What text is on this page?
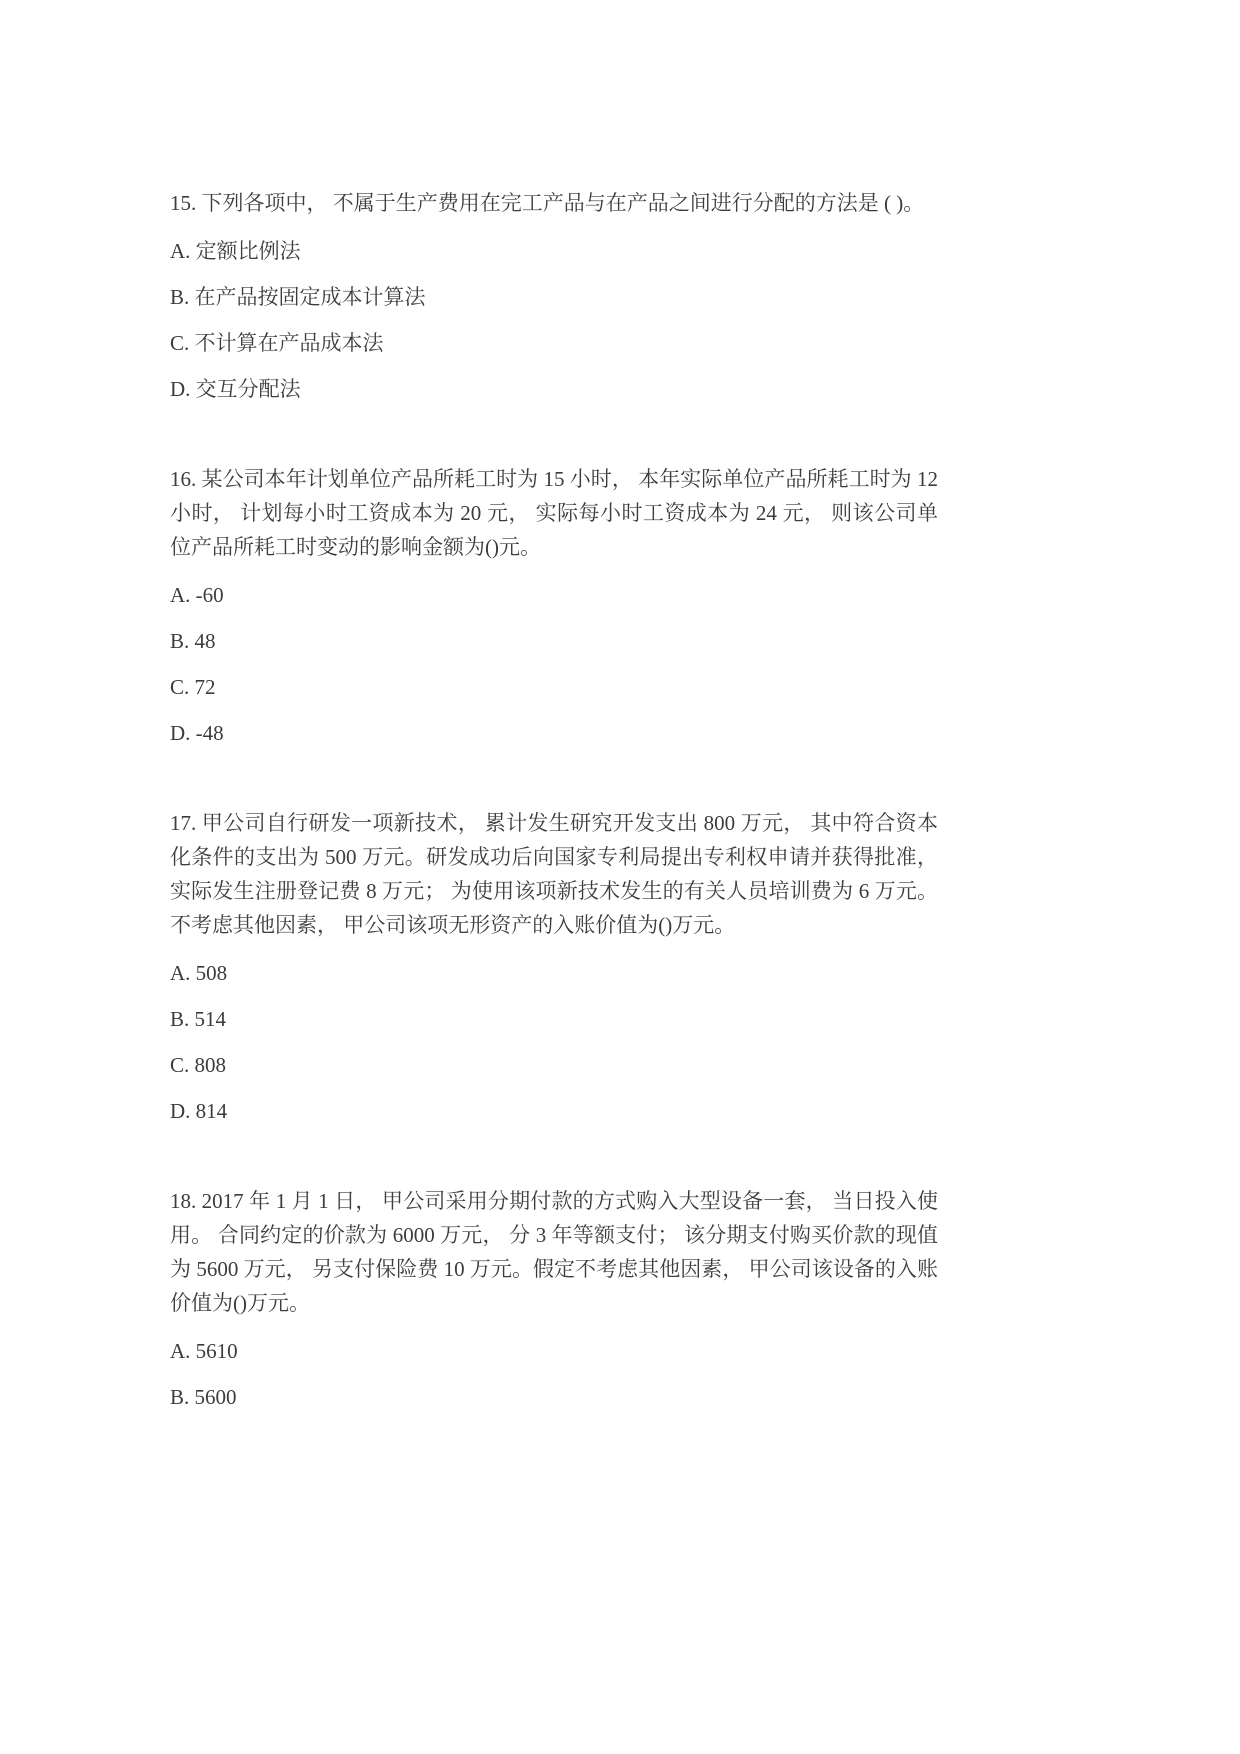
15. 下列各项中， 不属于生产费用在完工产品与在产品之间进行分配的方法是 ( )。

A. 定额比例法
B. 在产品按固定成本计算法
C. 不计算在产品成本法
D. 交互分配法

16. 某公司本年计划单位产品所耗工时为 15 小时， 本年实际单位产品所耗工时为 12 小时， 计划每小时工资成本为 20 元， 实际每小时工资成本为 24 元， 则该公司单位产品所耗工时变动的影响金额为()元。

A. -60
B. 48
C. 72
D. -48

17. 甲公司自行研发一项新技术， 累计发生研究开发支出 800 万元， 其中符合资本化条件的支出为 500 万元。研发成功后向国家专利局提出专利权申请并获得批准， 实际发生注册登记费 8 万元； 为使用该项新技术发生的有关人员培训费为 6 万元。不考虑其他因素， 甲公司该项无形资产的入账价值为()万元。

A. 508
B. 514
C. 808
D. 814

18. 2017 年 1 月 1 日， 甲公司采用分期付款的方式购入大型设备一套， 当日投入使用。 合同约定的价款为 6000 万元， 分 3 年等额支付； 该分期支付购买价款的现值为 5600 万元， 另支付保险费 10 万元。假定不考虑其他因素， 甲公司该设备的入账价值为()万元。

A. 5610
B. 5600
